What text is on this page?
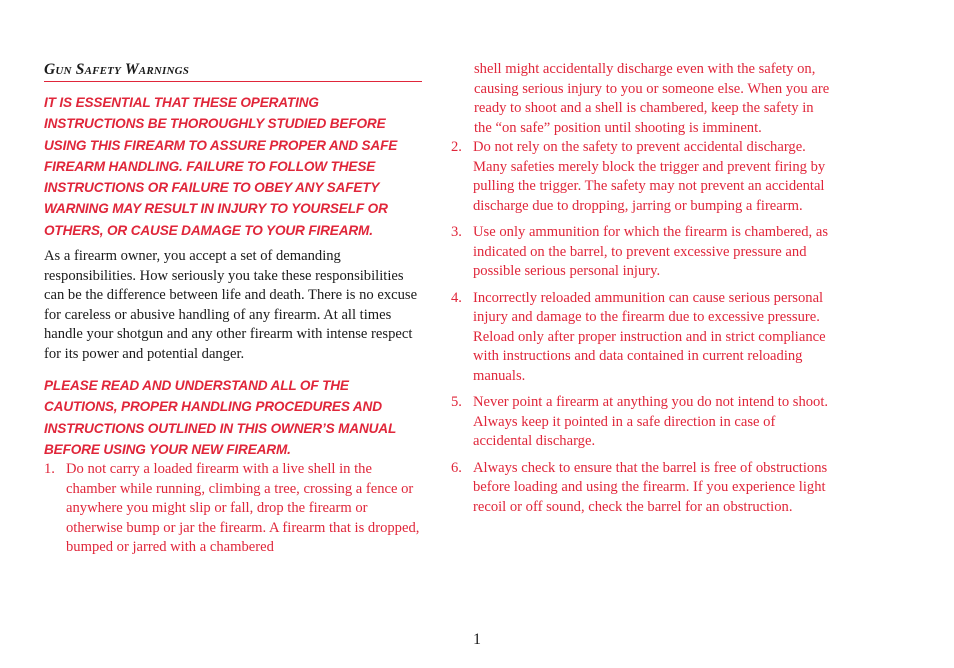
Gun Safety Warnings

IT IS ESSENTIAL THAT THESE OPERATING INSTRUCTIONS BE THOROUGHLY STUDIED BEFORE USING THIS FIREARM TO ASSURE PROPER AND SAFE FIREARM HANDLING. FAILURE TO FOLLOW THESE INSTRUCTIONS OR FAILURE TO OBEY ANY SAFETY WARNING MAY RESULT IN INJURY TO YOURSELF OR OTHERS, OR CAUSE DAMAGE TO YOUR FIREARM.

As a firearm owner, you accept a set of demanding responsibilities. How seriously you take these responsibilities can be the difference between life and death. There is no excuse for careless or abusive handling of any firearm. At all times handle your shotgun and any other firearm with intense respect for its power and potential danger.

PLEASE READ AND UNDERSTAND ALL OF THE CAUTIONS, PROPER HANDLING PROCEDURES AND INSTRUCTIONS OUTLINED IN THIS OWNER’S MANUAL BEFORE USING YOUR NEW FIREARM.

1. Do not carry a loaded firearm with a live shell in the chamber while running, climbing a tree, crossing a fence or anywhere you might slip or fall, drop the firearm or otherwise bump or jar the firearm. A firearm that is dropped, bumped or jarred with a chambered

shell might accidentally discharge even with the safety on, causing serious injury to you or someone else. When you are ready to shoot and a shell is chambered, keep the safety in the “on safe” position until shooting is imminent.

2. Do not rely on the safety to prevent accidental discharge. Many safeties merely block the trigger and prevent firing by pulling the trigger. The safety may not prevent an accidental discharge due to dropping, jarring or bumping a firearm.
3. Use only ammunition for which the firearm is chambered, as indicated on the barrel, to prevent excessive pressure and possible serious personal injury.
4. Incorrectly reloaded ammunition can cause serious personal injury and damage to the firearm due to excessive pressure. Reload only after proper instruction and in strict compliance with instructions and data contained in current reloading manuals.
5. Never point a firearm at anything you do not intend to shoot. Always keep it pointed in a safe direction in case of accidental discharge.
6. Always check to ensure that the barrel is free of obstructions before loading and using the firearm. If you experience light recoil or off sound, check the barrel for an obstruction.
1
